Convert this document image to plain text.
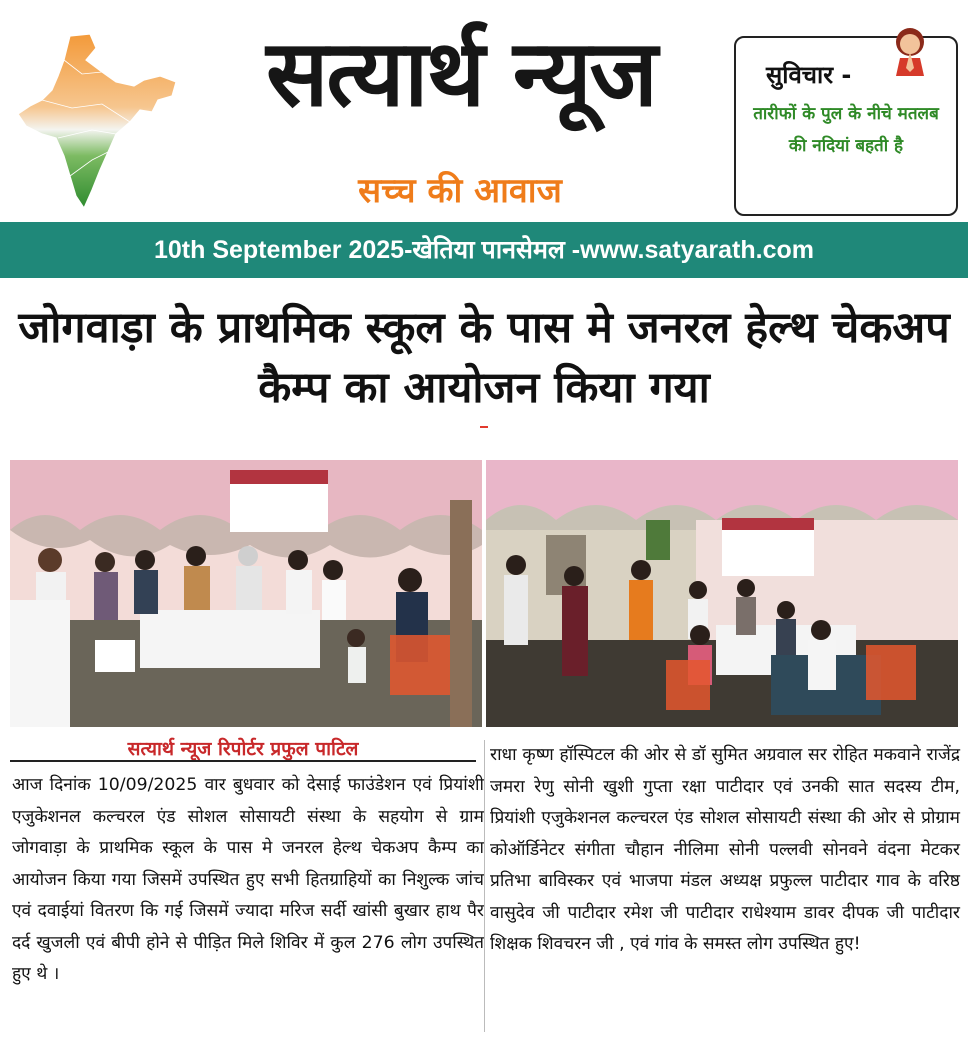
सत्यार्थ न्यूज
सच्च की आवाज
सुविचार -
तारीफों के पुल के नीचे मतलब की नदियां बहती है
10th September 2025-खेतिया पानसेमल -www.satyarath.com
जोगवाड़ा के प्राथमिक स्कूल के पास मे जनरल हेल्थ चेकअप कैम्प का आयोजन किया गया
सत्यार्थ न्यूज रिपोर्टर प्रफुल पाटिल
आज दिनांक 10/09/2025 वार बुधवार को देसाई फाउंडेशन एवं प्रियांशी एजुकेशनल कल्चरल एंड सोशल सोसायटी संस्था के सहयोग से ग्राम जोगवाड़ा के प्राथमिक स्कूल के पास मे जनरल हेल्थ चेकअप कैम्प का आयोजन किया गया जिसमें उपस्थित हुए सभी हितग्राहियों का निशुल्क जांच एवं दवाईयां वितरण कि गई जिसमें ज्यादा मरिज सर्दी खांसी बुखार हाथ पैर दर्द खुजली एवं बीपी होने से पीड़ित मिले शिविर में कुल 276 लोग उपस्थित हुए थे ।
राधा कृष्ण हॉस्पिटल की ओर से डॉ सुमित अग्रवाल सर रोहित मकवाने राजेंद्र जमरा रेणु सोनी खुशी गुप्ता रक्षा पाटीदार एवं उनकी सात सदस्य टीम, प्रियांशी एजुकेशनल कल्चरल एंड सोशल सोसायटी संस्था की ओर से प्रोग्राम कोऑर्डिनेटर संगीता चौहान नीलिमा सोनी पल्लवी सोनवने वंदना मेटकर प्रतिभा बाविस्कर एवं भाजपा मंडल अध्यक्ष प्रफुल्ल पाटीदार गाव के वरिष्ठ वासुदेव जी पाटीदार रमेश जी पाटीदार राधेश्याम डावर दीपक जी पाटीदार शिक्षक शिवचरन जी , एवं गांव के समस्त लोग उपस्थित हुए!
